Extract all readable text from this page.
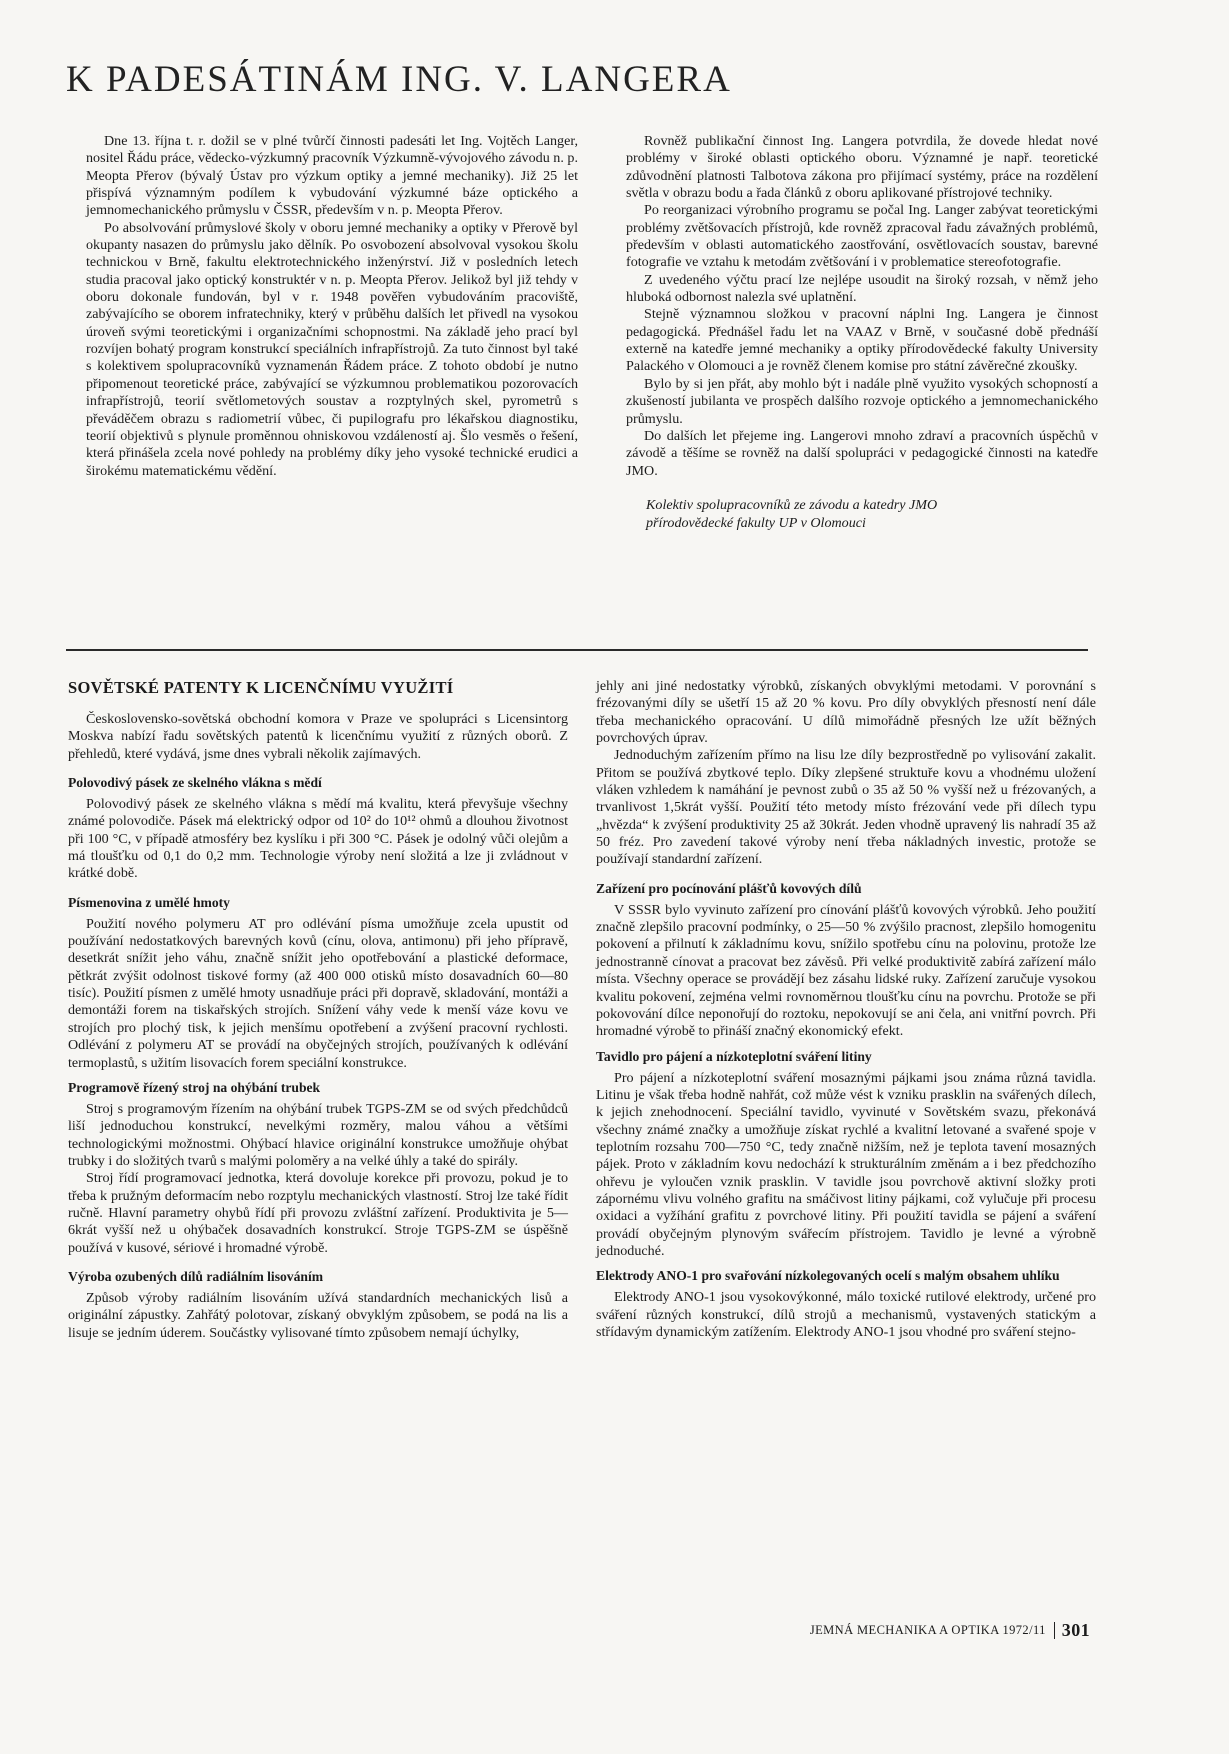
K PADESÁTINÁM ING. V. LANGERA

Dne 13. října t. r. dožil se v plné tvůrčí činnosti padesáti let Ing. Vojtěch Langer, nositel Řádu práce, vědecko-výzkumný pracovník Výzkumně-vývojového závodu n. p. Meopta Přerov (bývalý Ústav pro výzkum optiky a jemné mechaniky). Již 25 let přispívá významným podílem k vybudování výzkumné báze optického a jemnomechanického průmyslu v ČSSR, především v n. p. Meopta Přerov.

Po absolvování průmyslové školy v oboru jemné mechaniky a optiky v Přerově byl okupanty nasazen do průmyslu jako dělník. Po osvobození absolvoval vysokou školu technickou v Brně, fakultu elektrotechnického inženýrství. Již v posledních letech studia pracoval jako optický konstruktér v n. p. Meopta Přerov. Jelikož byl již tehdy v oboru dokonale fundován, byl v r. 1948 pověřen vybudováním pracoviště, zabývajícího se oborem infratechniky, který v průběhu dalších let přivedl na vysokou úroveň svými teoretickými i organizačními schopnostmi. Na základě jeho prací byl rozvíjen bohatý program konstrukcí speciálních infrapřístrojů. Za tuto činnost byl také s kolektivem spolupracovníků vyznamenán Řádem práce. Z tohoto období je nutno připomenout teoretické práce, zabývající se výzkumnou problematikou pozorovacích infrapřístrojů, teorií světlometových soustav a rozptylných skel, pyrometrů s převáděčem obrazu s radiometrií vůbec, či pupilografu pro lékařskou diagnostiku, teorií objektivů s plynule proměnnou ohniskovou vzdáleností aj. Šlo vesměs o řešení, která přinášela zcela nové pohledy na problémy díky jeho vysoké technické erudici a širokému matematickému vědění.

Rovněž publikační činnost Ing. Langera potvrdila, že dovede hledat nové problémy v široké oblasti optického oboru. Významné je např. teoretické zdůvodnění platnosti Talbotova zákona pro přijímací systémy, práce na rozdělení světla v obrazu bodu a řada článků z oboru aplikované přístrojové techniky.

Po reorganizaci výrobního programu se počal Ing. Langer zabývat teoretickými problémy zvětšovacích přístrojů, kde rovněž zpracoval řadu závažných problémů, především v oblasti automatického zaostřování, osvětlovacích soustav, barevné fotografie ve vztahu k metodám zvětšování i v problematice stereofotografie.

Z uvedeného výčtu prací lze nejlépe usoudit na široký rozsah, v němž jeho hluboká odbornost nalezla své uplatnění.

Stejně významnou složkou v pracovní náplni Ing. Langera je činnost pedagogická. Přednášel řadu let na VAAZ v Brně, v současné době přednáší externě na katedře jemné mechaniky a optiky přírodovědecké fakulty University Palackého v Olomouci a je rovněž členem komise pro státní závěrečné zkoušky.

Bylo by si jen přát, aby mohlo být i nadále plně využito vysokých schopností a zkušeností jubilanta ve prospěch dalšího rozvoje optického a jemnomechanického průmyslu.

Do dalších let přejeme ing. Langerovi mnoho zdraví a pracovních úspěchů v závodě a těšíme se rovněž na další spolupráci v pedagogické činnosti na katedře JMO.

Kolektiv spolupracovníků ze závodu a katedry JMO
přírodovědecké fakulty UP v Olomouci

SOVĚTSKÉ PATENTY K LICENČNÍMU VYUŽITÍ

Československo-sovětská obchodní komora v Praze ve spolupráci s Licensintorg Moskva nabízí řadu sovětských patentů k licenčnímu využití z různých oborů. Z přehledů, které vydává, jsme dnes vybrali několik zajímavých.

Polovodivý pásek ze skelného vlákna s mědí

Polovodivý pásek ze skelného vlákna s mědí má kvalitu, která převyšuje všechny známé polovodiče. Pásek má elektrický odpor od 10² do 10¹² ohmů a dlouhou životnost při 100 °C, v případě atmosféry bez kyslíku i při 300 °C. Pásek je odolný vůči olejům a má tloušťku od 0,1 do 0,2 mm. Technologie výroby není složitá a lze ji zvládnout v krátké době.

Písmenovina z umělé hmoty

Použití nového polymeru AT pro odlévání písma umožňuje zcela upustit od používání nedostatkových barevných kovů (cínu, olova, antimonu) při jeho přípravě, desetkrát snížit jeho váhu, značně snížit jeho opotřebování a plastické deformace, pětkrát zvýšit odolnost tiskové formy (až 400 000 otisků místo dosavadních 60—80 tisíc). Použití písmen z umělé hmoty usnadňuje práci při dopravě, skladování, montáži a demontáži forem na tiskařských strojích. Snížení váhy vede k menší váze kovu ve strojích pro plochý tisk, k jejich menšímu opotřebení a zvýšení pracovní rychlosti. Odlévání z polymeru AT se provádí na obyčejných strojích, používaných k odlévání termoplastů, s užitím lisovacích forem speciální konstrukce.

Programově řízený stroj na ohýbání trubek

Stroj s programovým řízením na ohýbání trubek TGPS-ZM se od svých předchůdců liší jednoduchou konstrukcí, nevelkými rozměry, malou váhou a většími technologickými možnostmi. Ohýbací hlavice originální konstrukce umožňuje ohýbat trubky i do složitých tvarů s malými poloměry a na velké úhly a také do spirály.

Stroj řídí programovací jednotka, která dovoluje korekce při provozu, pokud je to třeba k pružným deformacím nebo rozptylu mechanických vlastností. Stroj lze také řídit ručně. Hlavní parametry ohybů řídí při provozu zvláštní zařízení. Produktivita je 5—6krát vyšší než u ohýbaček dosavadních konstrukcí. Stroje TGPS-ZM se úspěšně používá v kusové, sériové i hromadné výrobě.

Výroba ozubených dílů radiálním lisováním

Způsob výroby radiálním lisováním užívá standardních mechanických lisů a originální zápustky. Zahřátý polotovar, získaný obvyklým způsobem, se podá na lis a lisuje se jedním úderem. Součástky vylisované tímto způsobem nemají úchylky,

jehly ani jiné nedostatky výrobků, získaných obvyklými metodami. V porovnání s frézovanými díly se ušetří 15 až 20 % kovu. Pro díly obvyklých přesností není dále třeba mechanického opracování. U dílů mimořádně přesných lze užít běžných povrchových úprav.

Jednoduchým zařízením přímo na lisu lze díly bezprostředně po vylisování zakalit. Přitom se používá zbytkové teplo. Díky zlepšené struktuře kovu a vhodnému uložení vláken vzhledem k namáhání je pevnost zubů o 35 až 50 % vyšší než u frézovaných, a trvanlivost 1,5krát vyšší. Použití této metody místo frézování vede při dílech typu „hvězda“ k zvýšení produktivity 25 až 30krát. Jeden vhodně upravený lis nahradí 35 až 50 fréz. Pro zavedení takové výroby není třeba nákladných investic, protože se používají standardní zařízení.

Zařízení pro pocínování plášťů kovových dílů

V SSSR bylo vyvinuto zařízení pro cínování plášťů kovových výrobků. Jeho použití značně zlepšilo pracovní podmínky, o 25—50 % zvýšilo pracnost, zlepšilo homogenitu pokovení a přilnutí k základnímu kovu, snížilo spotřebu cínu na polovinu, protože lze jednostranně cínovat a pracovat bez závěsů. Při velké produktivitě zabírá zařízení málo místa. Všechny operace se provádějí bez zásahu lidské ruky. Zařízení zaručuje vysokou kvalitu pokovení, zejména velmi rovnoměrnou tloušťku cínu na povrchu. Protože se při pokovování dílce neponořují do roztoku, nepokovují se ani čela, ani vnitřní povrch. Při hromadné výrobě to přináší značný ekonomický efekt.

Tavidlo pro pájení a nízkoteplotní sváření litiny

Pro pájení a nízkoteplotní sváření mosaznými pájkami jsou známa různá tavidla. Litinu je však třeba hodně nahřát, což může vést k vzniku prasklin na svářených dílech, k jejich znehodnocení. Speciální tavidlo, vyvinuté v Sovětském svazu, překonává všechny známé značky a umožňuje získat rychlé a kvalitní letované a svařené spoje v teplotním rozsahu 700—750 °C, tedy značně nižším, než je teplota tavení mosazných pájek. Proto v základním kovu nedochází k strukturálním změnám a i bez předchozího ohřevu je vyloučen vznik prasklin. V tavidle jsou povrchově aktivní složky proti zápornému vlivu volného grafitu na smáčivost litiny pájkami, což vylučuje při procesu oxidaci a vyžíhání grafitu z povrchové litiny. Při použití tavidla se pájení a sváření provádí obyčejným plynovým svářecím přístrojem. Tavidlo je levné a výrobně jednoduché.

Elektrody ANO-1 pro svařování nízkolegovaných ocelí s malým obsahem uhlíku

Elektrody ANO-1 jsou vysokovýkonné, málo toxické rutilové elektrody, určené pro sváření různých konstrukcí, dílů strojů a mechanismů, vystavených statickým a střídavým dynamickým zatížením. Elektrody ANO-1 jsou vhodné pro sváření stejno-

JEMNÁ MECHANIKA A OPTIKA 1972/11 301
